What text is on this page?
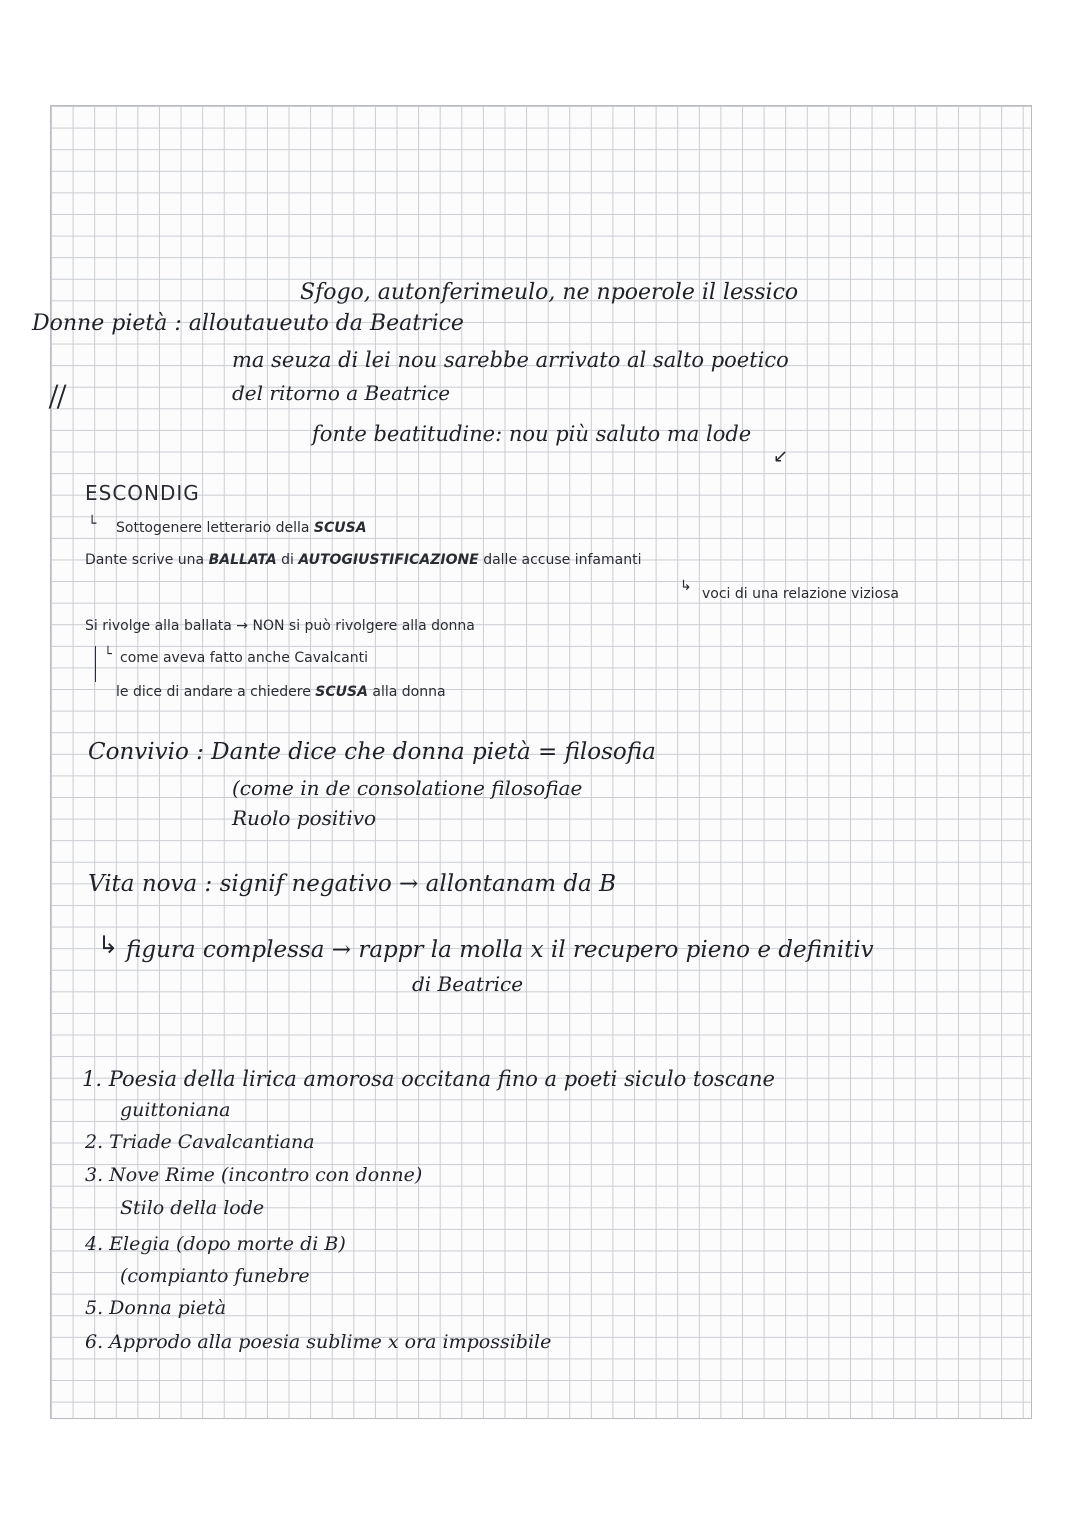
Sfogo, autonferimeulo, ne npoerole il lessico
Donne pietà : alloutaueuto da Beatrice
ma seuza di lei nou sarebbe arrivato al salto poetico
del ritorno a Beatrice
||
fonte beatitudine: nou più saluto ma lode
↙
ESCONDIG
└ Sottogenere letterario della SCUSA
Dante scrive una BALLATA di AUTOGIUSTIFICAZIONE dalle accuse infamanti
↳ voci di una relazione viziosa
Si rivolge alla ballata → NON si può rivolgere alla donna
└ come aveva fatto anche Cavalcanti
le dice di andare a chiedere SCUSA alla donna
Convivio : Dante dice che donna pietà = filosofia
(come in de consolatione filosofiae
Ruolo positivo
Vita nova : signif negativo → allontanam da B
↳ figura complessa → rappr la molla x il recupero pieno e definitiv
di Beatrice
1. Poesia della lirica amorosa occitana fino a poeti siculo toscane
guittoniana
2. Triade Cavalcantiana
3. Nove Rime (incontro con donne)
Stilo della lode
4. Elegia (dopo morte di B)
(compianto funebre
5. Donna pietà
6. Approdo alla poesia sublime x ora impossibile
